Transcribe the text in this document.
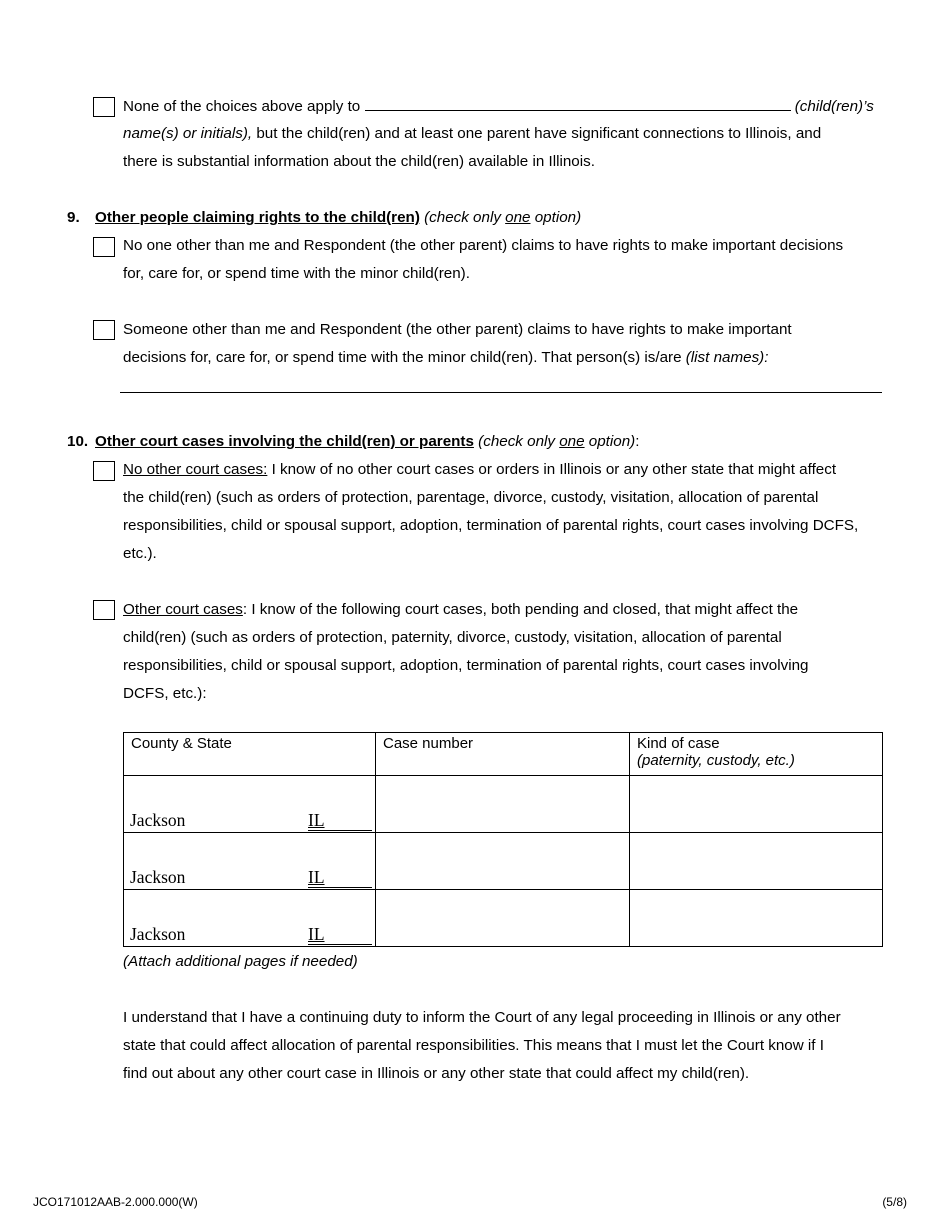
None of the choices above apply to	(child(ren)’s
name(s) or initials), but the child(ren) and at least one parent have significant connections to Illinois, and
there is substantial information about the child(ren) available in Illinois.
9. Other people claiming rights to the child(ren) (check only one option)
No one other than me and Respondent (the other parent) claims to have rights to make important decisions
for, care for, or spend time with the minor child(ren).
Someone other than me and Respondent (the other parent) claims to have rights to make important
decisions for, care for, or spend time with the minor child(ren). That person(s) is/are (list names):
10. Other court cases involving the child(ren) or parents (check only one option):
No other court cases: I know of no other court cases or orders in Illinois or any other state that might affect
the child(ren) (such as orders of protection, parentage, divorce, custody, visitation, allocation of parental
responsibilities, child or spousal support, adoption, termination of parental rights, court cases involving DCFS,
etc.).
Other court cases: I know of the following court cases, both pending and closed, that might affect the
child(ren) (such as orders of protection, paternity, divorce, custody, visitation, allocation of parental
responsibilities, child or spousal support, adoption, termination of parental rights, court cases involving
DCFS, etc.):
County & State	Case number	Kind of case
(paternity, custody, etc.)

Jackson IL		

Jackson IL		

Jackson IL		

(Attach additional pages if needed)
I understand that I have a continuing duty to inform the Court of any legal proceeding in Illinois or any other
state that could affect allocation of parental responsibilities. This means that I must let the Court know if I
find out about any other court case in Illinois or any other state that could affect my child(ren).
JCO171012AAB-2.000.000(W)	(5/8)
